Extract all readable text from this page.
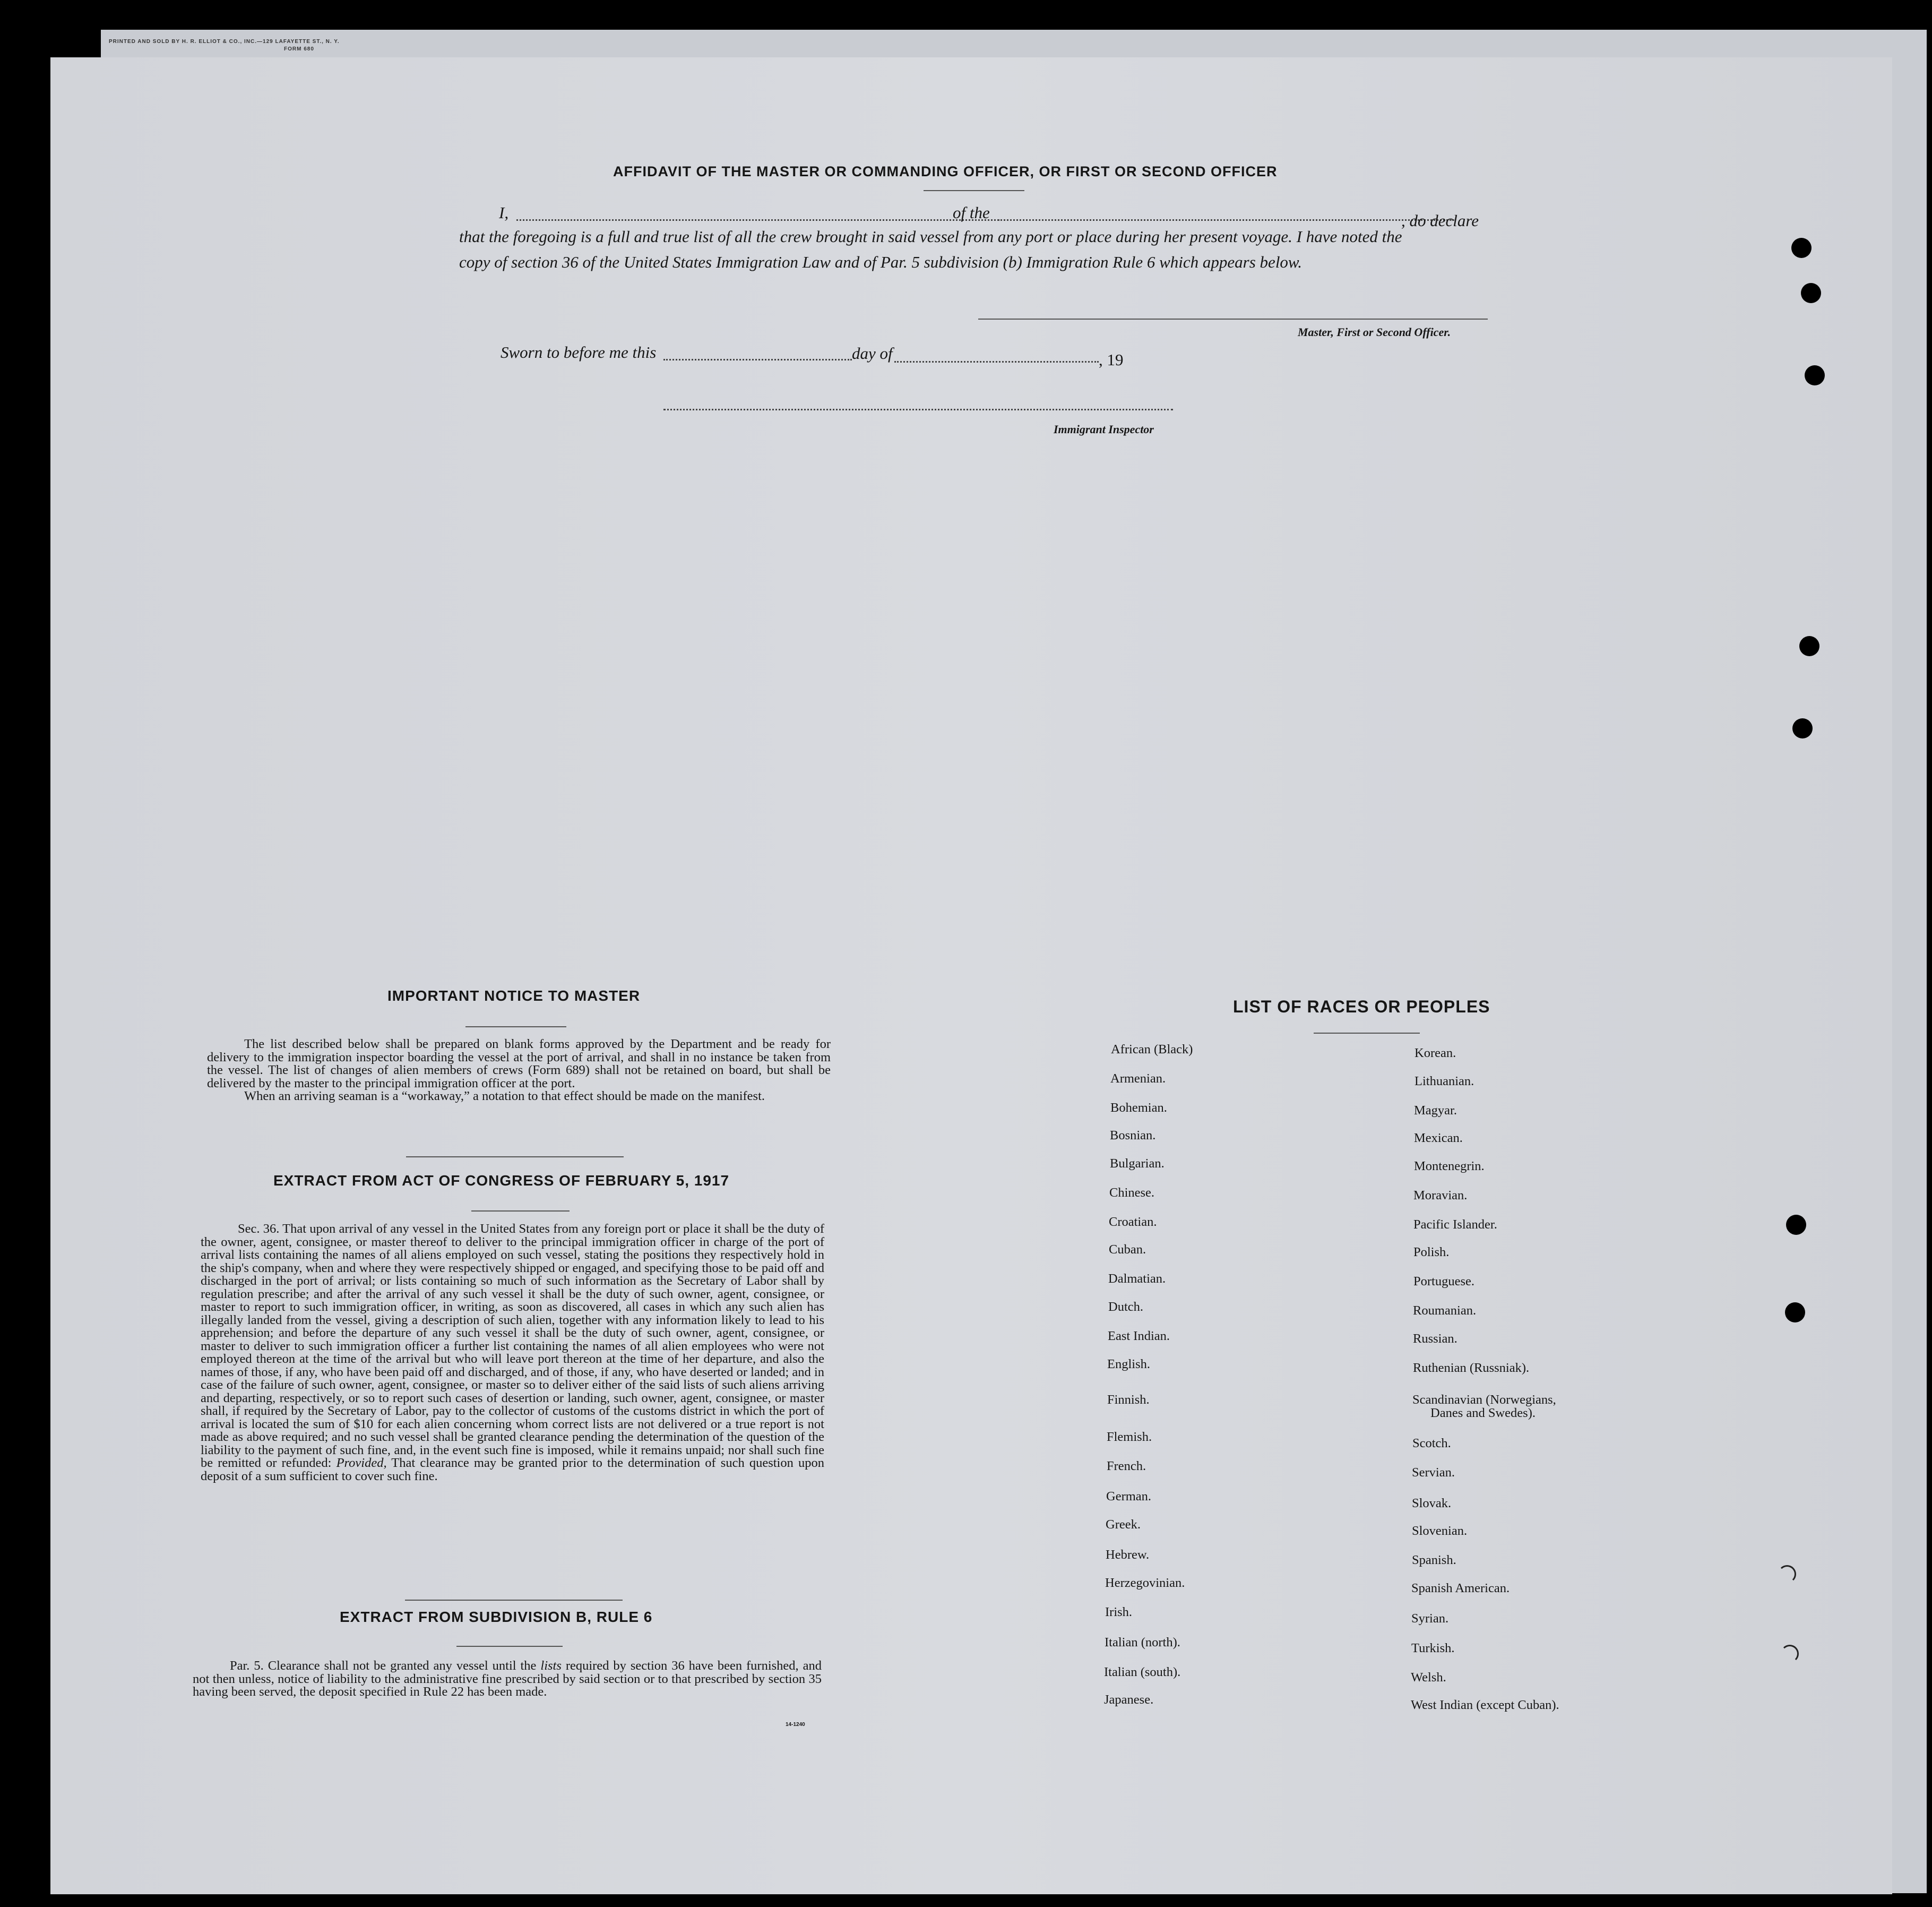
PRINTED AND SOLD BY H. R. ELLIOT & CO., INC.—129 LAFAYETTE ST., N. Y.
FORM 680
AFFIDAVIT OF THE MASTER OR COMMANDING OFFICER, OR FIRST OR SECOND OFFICER
I,	of the	, do declare
that the foregoing is a full and true list of all the crew brought in said vessel from any port or place during her present voyage. I have noted the
copy of section 36 of the United States Immigration Law and of Par. 5 subdivision (b) Immigration Rule 6 which appears below.
Master, First or Second Officer.
Sworn to before me this	day of	, 19
Immigrant Inspector
IMPORTANT NOTICE TO MASTER

The list described below shall be prepared on blank forms approved by the Department and be ready for delivery to the immigration inspector boarding the vessel at the port of arrival, and shall in no instance be taken from the vessel. The list of changes of alien members of crews (Form 689) shall not be retained on board, but shall be delivered by the master to the principal immigration officer at the port.

When an arriving seaman is a “workaway,” a notation to that effect should be made on the manifest.

EXTRACT FROM ACT OF CONGRESS OF FEBRUARY 5, 1917

Sec. 36. That upon arrival of any vessel in the United States from any foreign port or place it shall be the duty of the owner, agent, consignee, or master thereof to deliver to the principal immigration officer in charge of the port of arrival lists containing the names of all aliens employed on such vessel, stating the positions they respectively hold in the ship's company, when and where they were respectively shipped or engaged, and specifying those to be paid off and discharged in the port of arrival; or lists containing so much of such information as the Secretary of Labor shall by regulation prescribe; and after the arrival of any such vessel it shall be the duty of such owner, agent, consignee, or master to report to such immigration officer, in writing, as soon as discovered, all cases in which any such alien has illegally landed from the vessel, giving a description of such alien, together with any information likely to lead to his apprehension; and before the departure of any such vessel it shall be the duty of such owner, agent, consignee, or master to deliver to such immigration officer a further list containing the names of all alien employees who were not employed thereon at the time of the arrival but who will leave port thereon at the time of her departure, and also the names of those, if any, who have been paid off and discharged, and of those, if any, who have deserted or landed; and in case of the failure of such owner, agent, consignee, or master so to deliver either of the said lists of such aliens arriving and departing, respectively, or so to report such cases of desertion or landing, such owner, agent, consignee, or master shall, if required by the Secretary of Labor, pay to the collector of customs of the customs district in which the port of arrival is located the sum of $10 for each alien concerning whom correct lists are not delivered or a true report is not made as above required; and no such vessel shall be granted clearance pending the determination of the question of the liability to the payment of such fine, and, in the event such fine is imposed, while it remains unpaid; nor shall such fine be remitted or refunded: Provided, That clearance may be granted prior to the determination of such question upon deposit of a sum sufficient to cover such fine.

EXTRACT FROM SUBDIVISION B, RULE 6

Par. 5. Clearance shall not be granted any vessel until the lists required by section 36 have been furnished, and not then unless, notice of liability to the administrative fine prescribed by said section or to that prescribed by section 35 having been served, the deposit specified in Rule 22 has been made.

14-1240
LIST OF RACES OR PEOPLES
African (Black)
Armenian.
Bohemian.
Bosnian.
Bulgarian.
Chinese.
Croatian.
Cuban.
Dalmatian.
Dutch.
East Indian.
English.
Finnish.
Flemish.
French.
German.
Greek.
Hebrew.
Herzegovinian.
Irish.
Italian (north).
Italian (south).
Japanese.
Korean.
Lithuanian.
Magyar.
Mexican.
Montenegrin.
Moravian.
Pacific Islander.
Polish.
Portuguese.
Roumanian.
Russian.
Ruthenian (Russniak).
Scandinavian (Norwegians,
Danes and Swedes).
Scotch.
Servian.
Slovak.
Slovenian.
Spanish.
Spanish American.
Syrian.
Turkish.
Welsh.
West Indian (except Cuban).
